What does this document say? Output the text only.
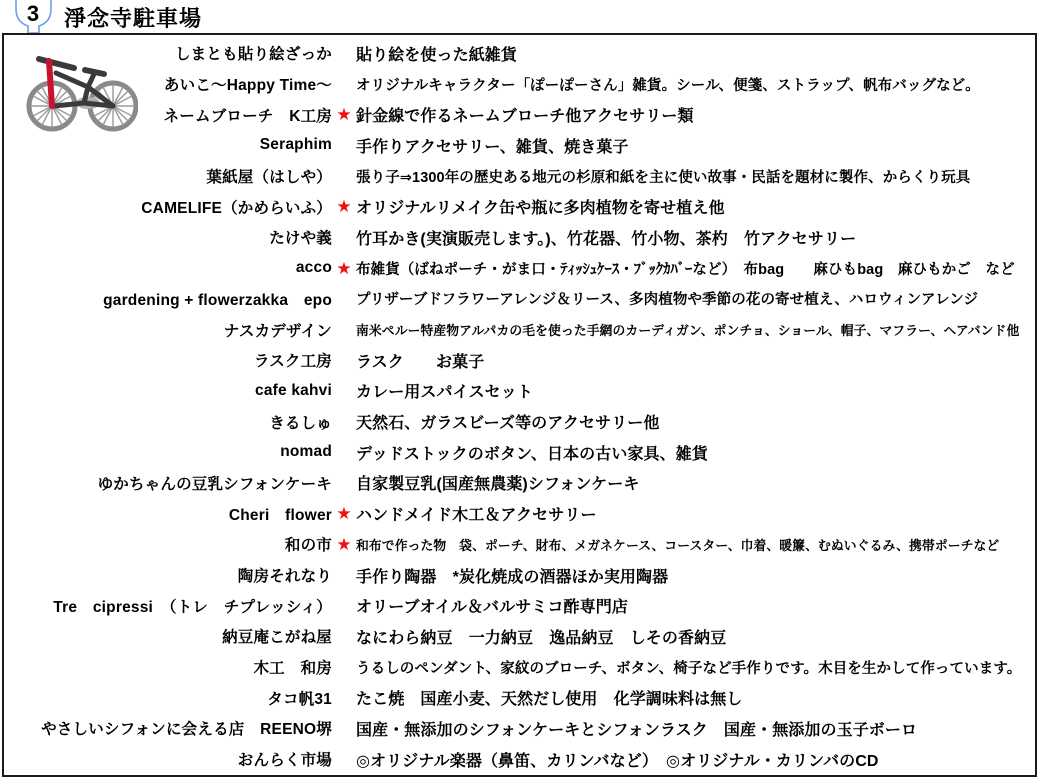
3	淨念寺駐車場
しまとも貼り絵ざっか 貼り絵を使った紙雑貨
あいこ～Happy Time～ オリジナルキャラクター「ぽーぽーさん」雑貨。シール、便箋、ストラップ、帆布バッグなど。
ネームブローチ　K工房 ★ 針金線で作るネームブローチ他アクセサリー類
Seraphim 手作りアクセサリー、雑貨、焼き菓子
葉紙屋（はしや） 張り子⇒1300年の歴史ある地元の杉原和紙を主に使い故事・民話を題材に製作、からくり玩具
CAMELIFE（かめらいふ） ★ オリジナルリメイク缶や瓶に多肉植物を寄せ植え他
たけや義 竹耳かき(実演販売します。)、竹花器、竹小物、茶杓　竹アクセサリー
acco ★ 布雑貨（ばねポーチ・がま口・ﾃｨｯｼｭｹｰｽ・ﾌﾞｯｸｶﾊﾞｰなど）　布bag　　麻ひもbag　麻ひもかご　など
gardening + flowerzakka　epo プリザーブドフラワーアレンジ＆リース、多肉植物や季節の花の寄せ植え、ハロウィンアレンジ
ナスカデザイン 南米ペルー特産物アルパカの毛を使った手網のカーディガン、ポンチョ、ショール、帽子、マフラー、ヘアバンド他
ラスク工房 ラスク　　お菓子
cafe kahvi カレー用スパイスセット
きるしゅ 天然石、ガラスビーズ等のアクセサリー他
nomad デッドストックのボタン、日本の古い家具、雑貨
ゆかちゃんの豆乳シフォンケーキ 自家製豆乳(国産無農薬)シフォンケーキ
Cheri　flower ★ ハンドメイド木工＆アクセサリー
和の市 ★ 和布で作った物　袋、ポーチ、財布、メガネケース、コースター、巾着、暖簾、むぬいぐるみ、携帯ポーチなど
陶房それなり 手作り陶器　*炭化焼成の酒器ほか実用陶器
Tre　cipressi　（トレ　チプレッシィ） オリーブオイル＆バルサミコ酢専門店
納豆庵こがね屋 なにわら納豆　一力納豆　逸品納豆　しその香納豆
木工　和房 うるしのペンダント、家紋のブローチ、ボタン、椅子など手作りです。木目を生かして作っています。
タコ帆31 たこ焼　国産小麦、天然だし使用　化学調味料は無し
やさしいシフォンに会える店　REENO堺 国産・無添加のシフォンケーキとシフォンラスク　国産・無添加の玉子ボーロ
おんらく市場 ◎オリジナル楽器（鼻笛、カリンバなど）　◎オリジナル・カリンバのCD
